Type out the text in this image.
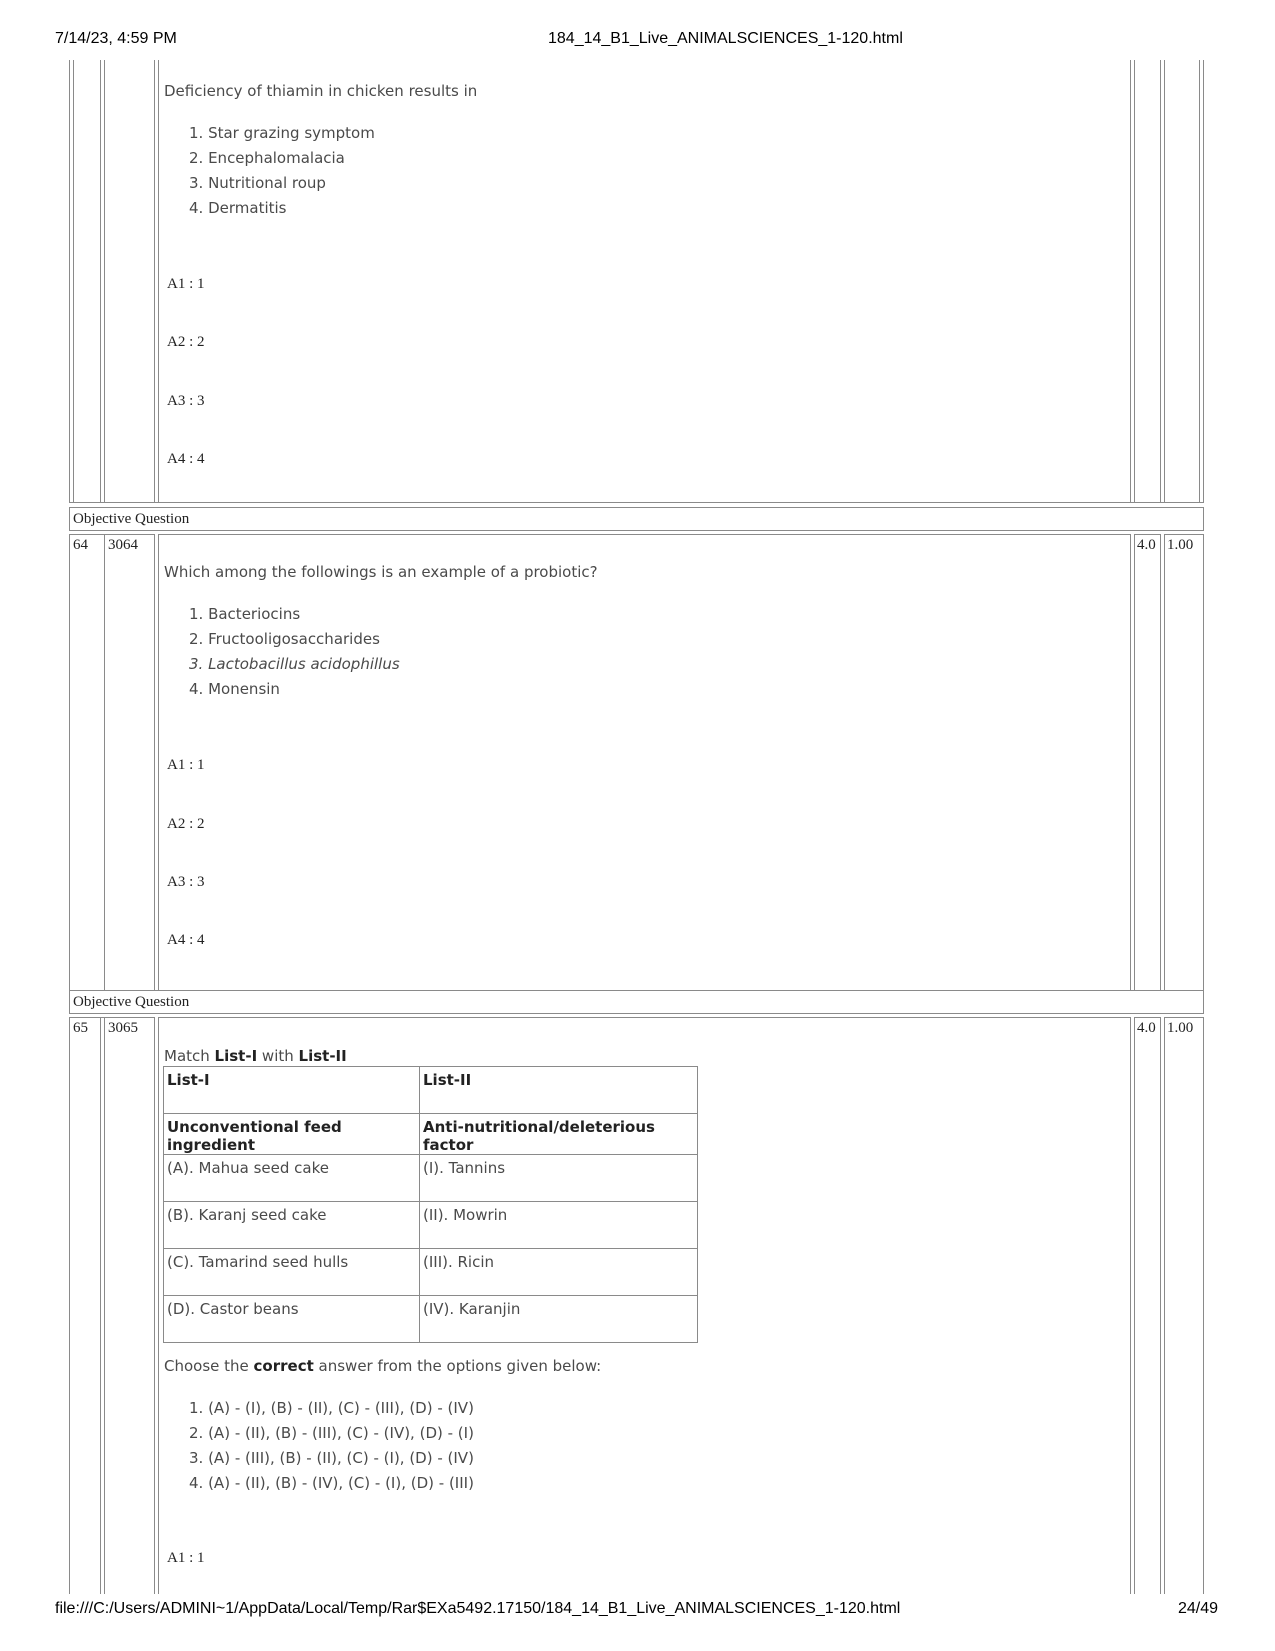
7/14/23, 4:59 PM	184_14_B1_Live_ANIMALSCIENCES_1-120.html
Deficiency of thiamin in chicken results in
1. Star grazing symptom
2. Encephalomalacia
3. Nutritional roup
4. Dermatitis
A1 : 1
A2 : 2
A3 : 3
A4 : 4
Objective Question
64 3064	4.0 1.00
Which among the followings is an example of a probiotic?
1. Bacteriocins
2. Fructooligosaccharides
3. Lactobacillus acidophillus
4. Monensin
A1 : 1
A2 : 2
A3 : 3
A4 : 4
Objective Question
65 3065	4.0 1.00
Match List-I with List-II
List-I	List-II
Unconventional feed ingredient	Anti-nutritional/deleterious factor
(A). Mahua seed cake	(I). Tannins
(B). Karanj seed cake	(II). Mowrin
(C). Tamarind seed hulls	(III). Ricin
(D). Castor beans	(IV). Karanjin
Choose the correct answer from the options given below:
1. (A) - (I), (B) - (II), (C) - (III), (D) - (IV)
2. (A) - (II), (B) - (III), (C) - (IV), (D) - (I)
3. (A) - (III), (B) - (II), (C) - (I), (D) - (IV)
4. (A) - (II), (B) - (IV), (C) - (I), (D) - (III)
A1 : 1
file:///C:/Users/ADMINI~1/AppData/Local/Temp/Rar$EXa5492.17150/184_14_B1_Live_ANIMALSCIENCES_1-120.html	24/49
